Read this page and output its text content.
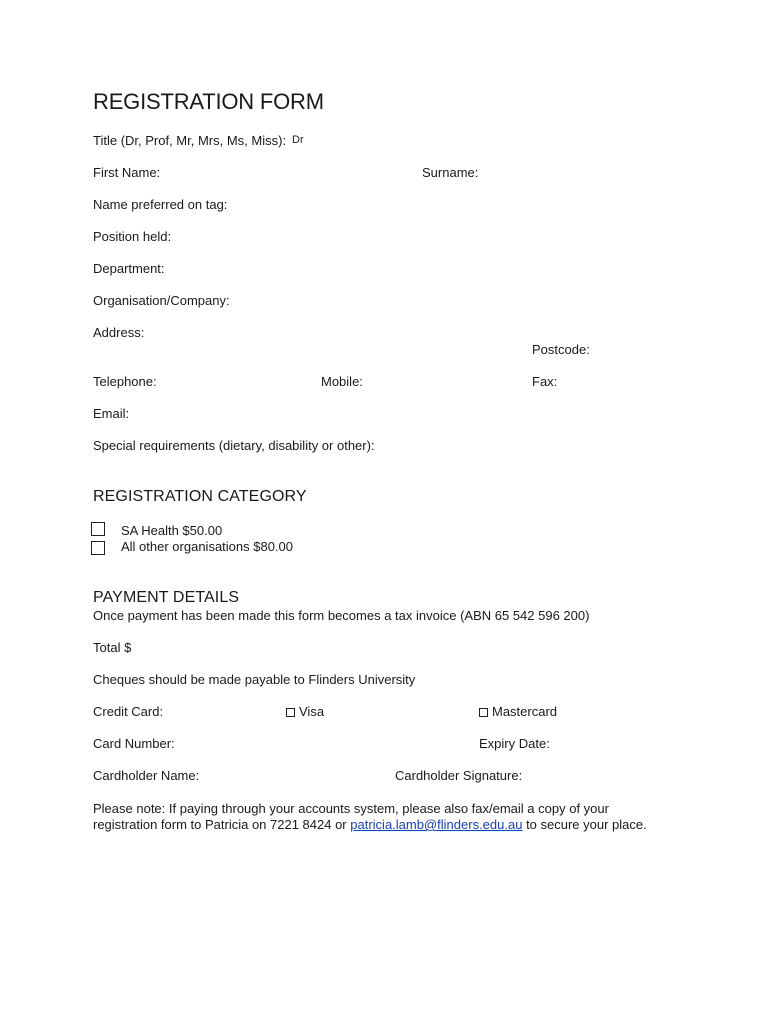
REGISTRATION FORM
Title (Dr, Prof, Mr, Mrs, Ms, Miss): Dr
First Name:	Surname:
Name preferred on tag:
Position held:
Department:
Organisation/Company:
Address:
Postcode:
Telephone:	Mobile:	Fax:
Email:
Special requirements (dietary, disability or other):
REGISTRATION CATEGORY
SA Health $50.00
All other organisations $80.00
PAYMENT DETAILS
Once payment has been made this form becomes a tax invoice (ABN 65 542 596 200)
Total $
Cheques should be made payable to Flinders University
Credit Card:	Visa	Mastercard
Card Number:	Expiry Date:
Cardholder Name:	Cardholder Signature:
Please note: If paying through your accounts system, please also fax/email a copy of your
registration form to Patricia on 7221 8424 or patricia.lamb@flinders.edu.au to secure your place.
